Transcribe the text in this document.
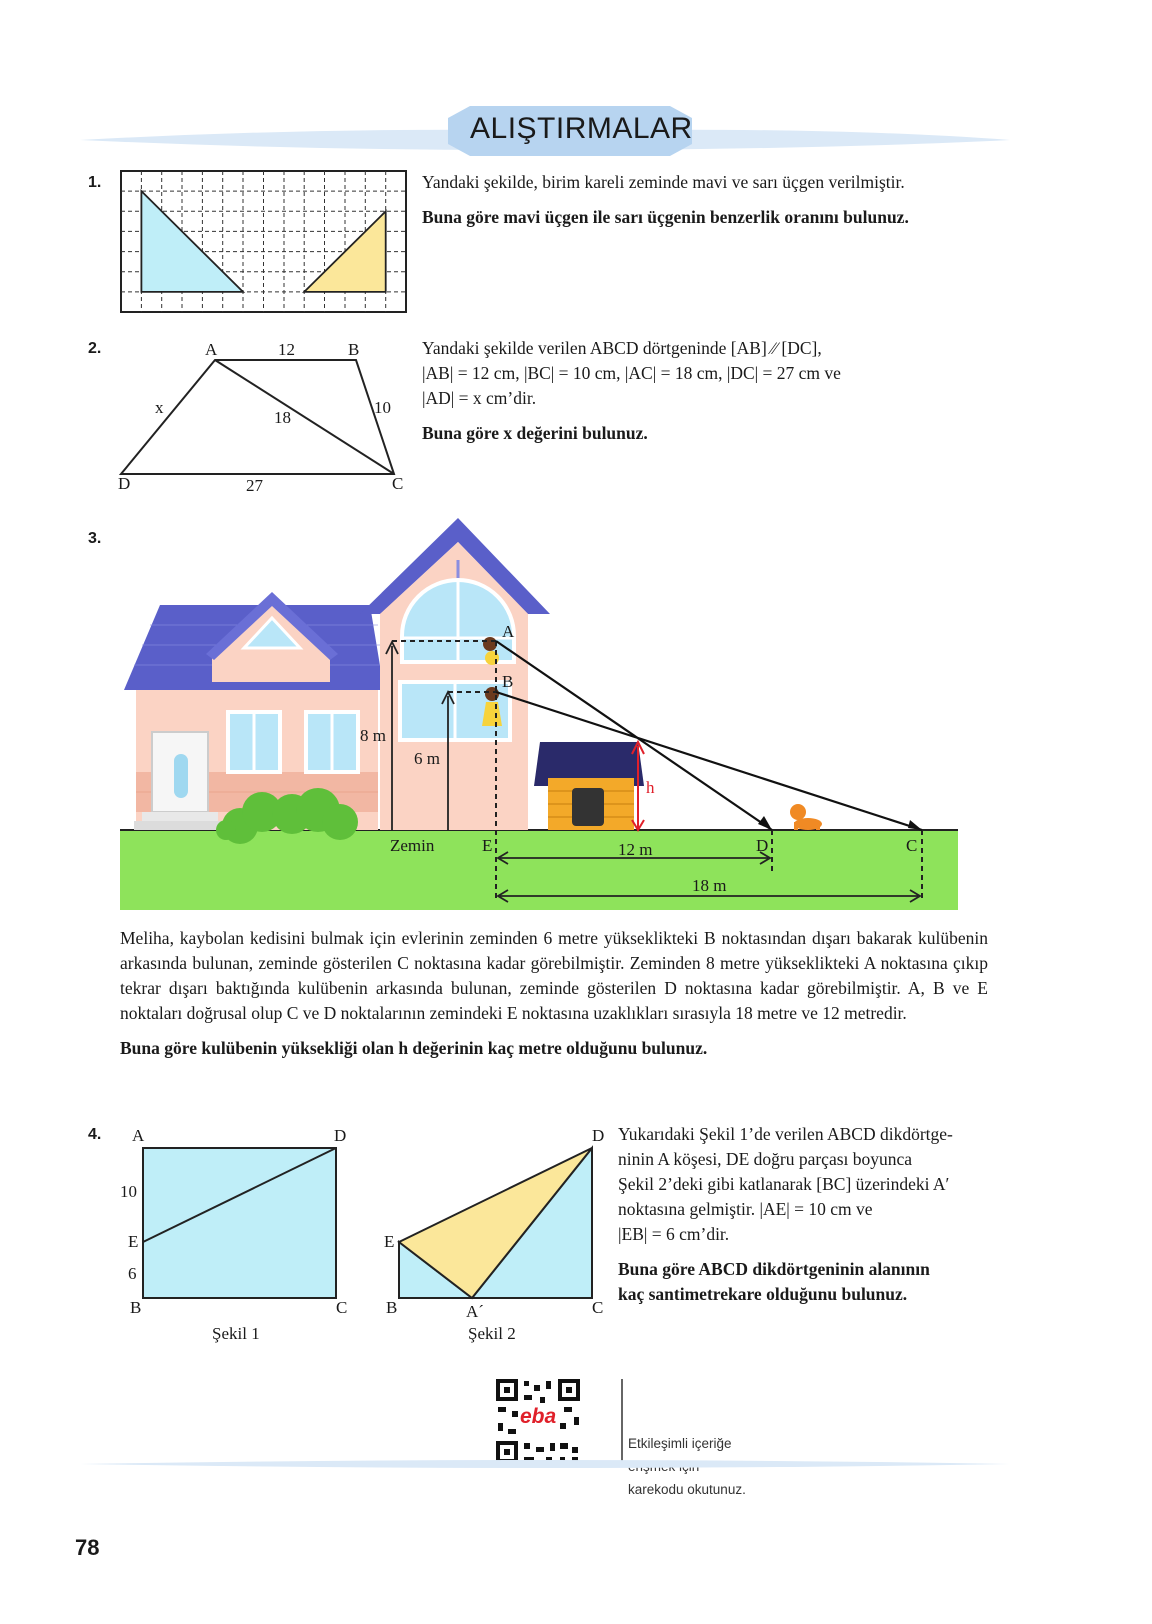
ALIŞTIRMALAR
1.	Yandaki şekilde, birim kareli zeminde mavi ve sarı üçgen verilmiştir.

Buna göre mavi üçgen ile sarı üçgenin benzerlik oranını bulunuz.

2.	A	12	B
x
18
10
D	27	C
Yandaki şekilde verilen ABCD dörtgeninde [AB] ∕∕ [DC],
|AB| = 12 cm, |BC| = 10 cm, |AC| = 18 cm, |DC| = 27 cm ve
|AD| = x cm’dir.
Buna göre x değerini bulunuz.
3.
A
B
8 m
6 m
h
Zemin	E	12 m	D	C
18 m

Meliha, kaybolan kedisini bulmak için evlerinin zeminden 6 metre yükseklikteki B noktasından dışarı bakarak kulübenin arkasında bulunan, zeminde gösterilen C noktasına kadar görebilmiştir. Zeminden 8 metre yükseklikteki A noktasına çıkıp tekrar dışarı baktığında kulübenin arkasında bulunan, zeminde gösterilen D noktasına kadar görebilmiştir. A, B ve E noktaları doğrusal olup C ve D noktalarının zemindeki E noktasına uzaklıkları sırasıyla 18 metre ve 12 metredir.

Buna göre kulübenin yüksekliği olan h değerinin kaç metre olduğunu bulunuz.

4. A	D
10
E
6
B	C
Şekil 1
D
E
B	A´	C
Şekil 2
Yukarıdaki Şekil 1’de verilen ABCD dikdörtge-
ninin A köşesi, DE doğru parçası boyunca
Şekil 2’deki gibi katlanarak [BC] üzerindeki A′
noktasına gelmiştir. |AE| = 10 cm ve
|EB| = 6 cm’dir.
Buna göre ABCD dikdörtgeninin alanının
kaç santimetrekare olduğunu bulunuz.
eba
Etkileşimli içeriğe
karekodu okutunuz.
78
